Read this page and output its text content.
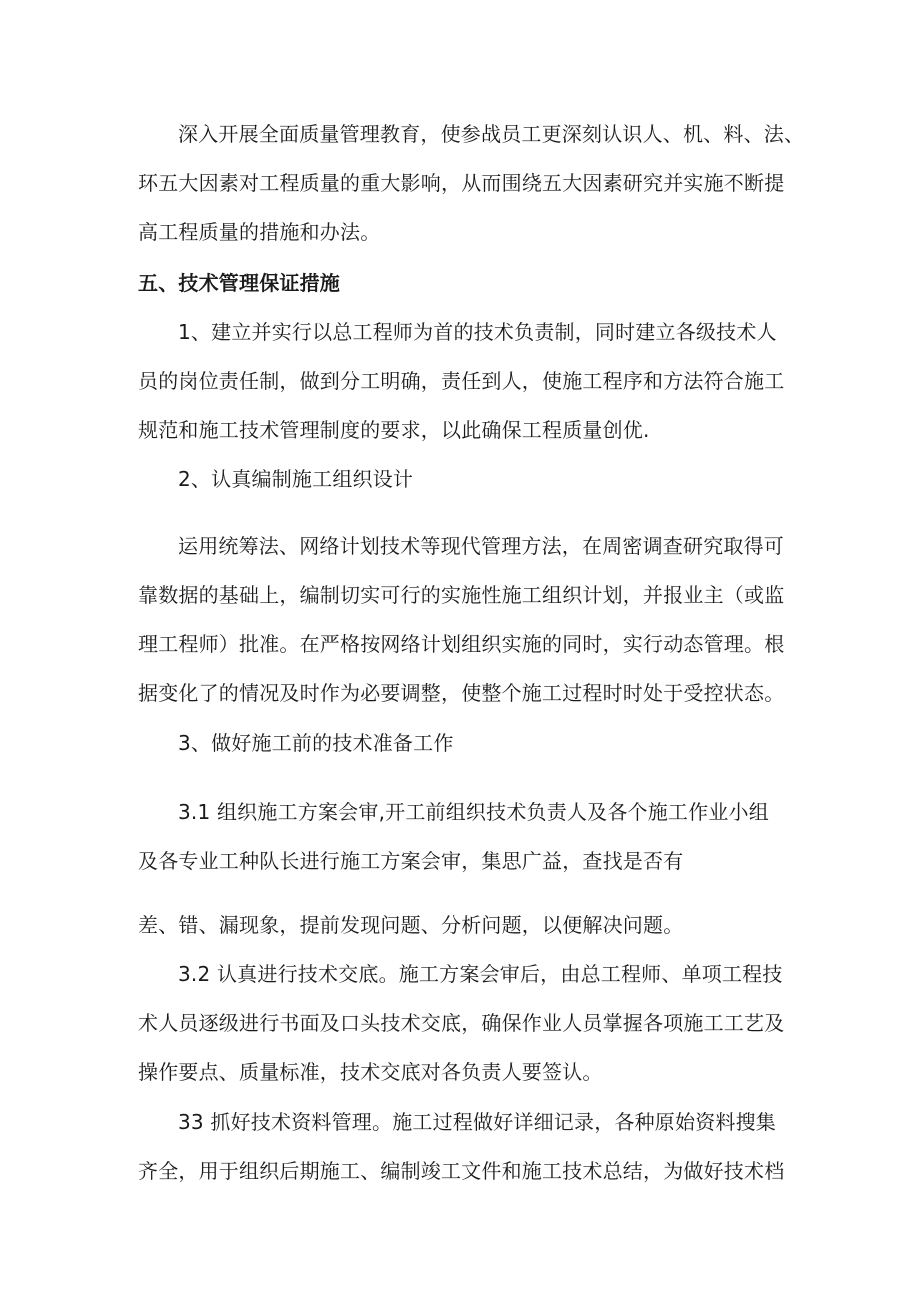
深入开展全面质量管理教育，使参战员工更深刻认识人、机、料、法、

环五大因素对工程质量的重大影响，从而围绕五大因素研究并实施不断提

高工程质量的措施和办法。

五、技术管理保证措施

1、建立并实行以总工程师为首的技术负责制，同时建立各级技术人

员的岗位责任制，做到分工明确，责任到人，使施工程序和方法符合施工

规范和施工技术管理制度的要求，以此确保工程质量创优.

2、认真编制施工组织设计

运用统筹法、网络计划技术等现代管理方法，在周密调查研究取得可

靠数据的基础上，编制切实可行的实施性施工组织计划，并报业主（或监

理工程师）批准。在严格按网络计划组织实施的同时，实行动态管理。根

据变化了的情况及时作为必要调整，使整个施工过程时时处于受控状态。

3、做好施工前的技术准备工作

3.1 组织施工方案会审,开工前组织技术负责人及各个施工作业小组

及各专业工种队长进行施工方案会审，集思广益，查找是否有

差、错、漏现象，提前发现问题、分析问题，以便解决问题。

3.2 认真进行技术交底。施工方案会审后，由总工程师、单项工程技

术人员逐级进行书面及口头技术交底，确保作业人员掌握各项施工工艺及

操作要点、质量标准，技术交底对各负责人要签认。

33 抓好技术资料管理。施工过程做好详细记录，各种原始资料搜集

齐全，用于组织后期施工、编制竣工文件和施工技术总结，为做好技术档
